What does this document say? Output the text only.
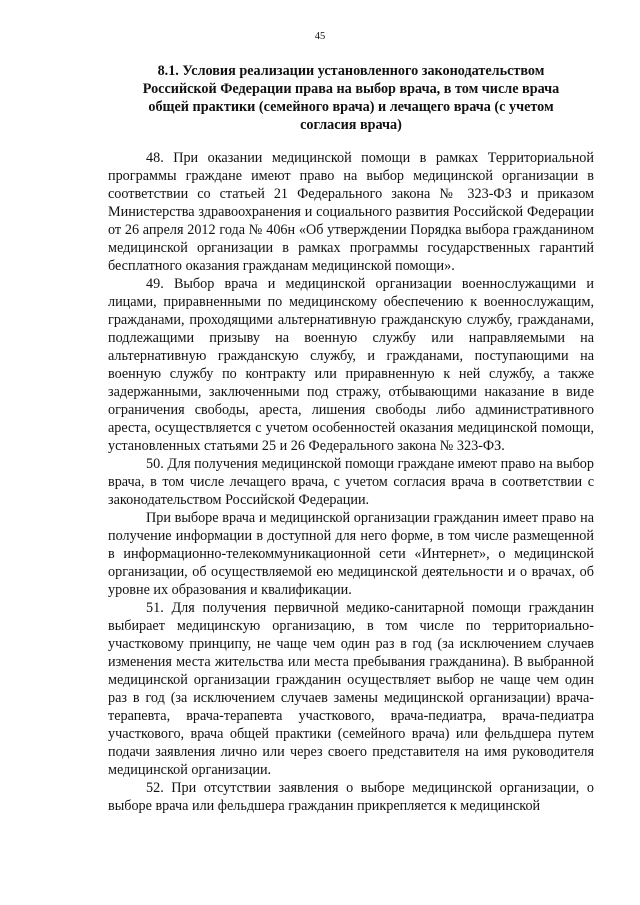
45
8.1. Условия реализации установленного законодательством
Российской Федерации права на выбор врача, в том числе врача
общей практики (семейного врача) и лечащего врача (с учетом
согласия врача)

48. При оказании медицинской помощи в рамках Территориальной программы граждане имеют право на выбор медицинской организации в соответствии со статьей 21 Федерального закона № 323-ФЗ и приказом Министерства здравоохранения и социального развития Российской Федерации от 26 апреля 2012 года № 406н «Об утверждении Порядка выбора гражданином медицинской организации в рамках программы государственных гарантий бесплатного оказания гражданам медицинской помощи».

49. Выбор врача и медицинской организации военнослужащими и лицами, приравненными по медицинскому обеспечению к военнослужащим, гражданами, проходящими альтернативную гражданскую службу, гражданами, подлежащими призыву на военную службу или направляемыми на альтернативную гражданскую службу, и гражданами, поступающими на военную службу по контракту или приравненную к ней службу, а также задержанными, заключенными под стражу, отбывающими наказание в виде ограничения свободы, ареста, лишения свободы либо административного ареста, осуществляется с учетом особенностей оказания медицинской помощи, установленных статьями 25 и 26 Федерального закона № 323-ФЗ.

50. Для получения медицинской помощи граждане имеют право на выбор врача, в том числе лечащего врача, с учетом согласия врача в соответствии с законодательством Российской Федерации.

При выборе врача и медицинской организации гражданин имеет право на получение информации в доступной для него форме, в том числе размещенной в информационно-телекоммуникационной сети «Интернет», о медицинской организации, об осуществляемой ею медицинской деятельности и о врачах, об уровне их образования и квалификации.

51. Для получения первичной медико-санитарной помощи гражданин выбирает медицинскую организацию, в том числе по территориально-участковому принципу, не чаще чем один раз в год (за исключением случаев изменения места жительства или места пребывания гражданина). В выбранной медицинской организации гражданин осуществляет выбор не чаще чем один раз в год (за исключением случаев замены медицинской организации) врача-терапевта, врача-терапевта участкового, врача-педиатра, врача-педиатра участкового, врача общей практики (семейного врача) или фельдшера путем подачи заявления лично или через своего представителя на имя руководителя медицинской организации.

52. При отсутствии заявления о выборе медицинской организации, о выборе врача или фельдшера гражданин прикрепляется к медицинской
